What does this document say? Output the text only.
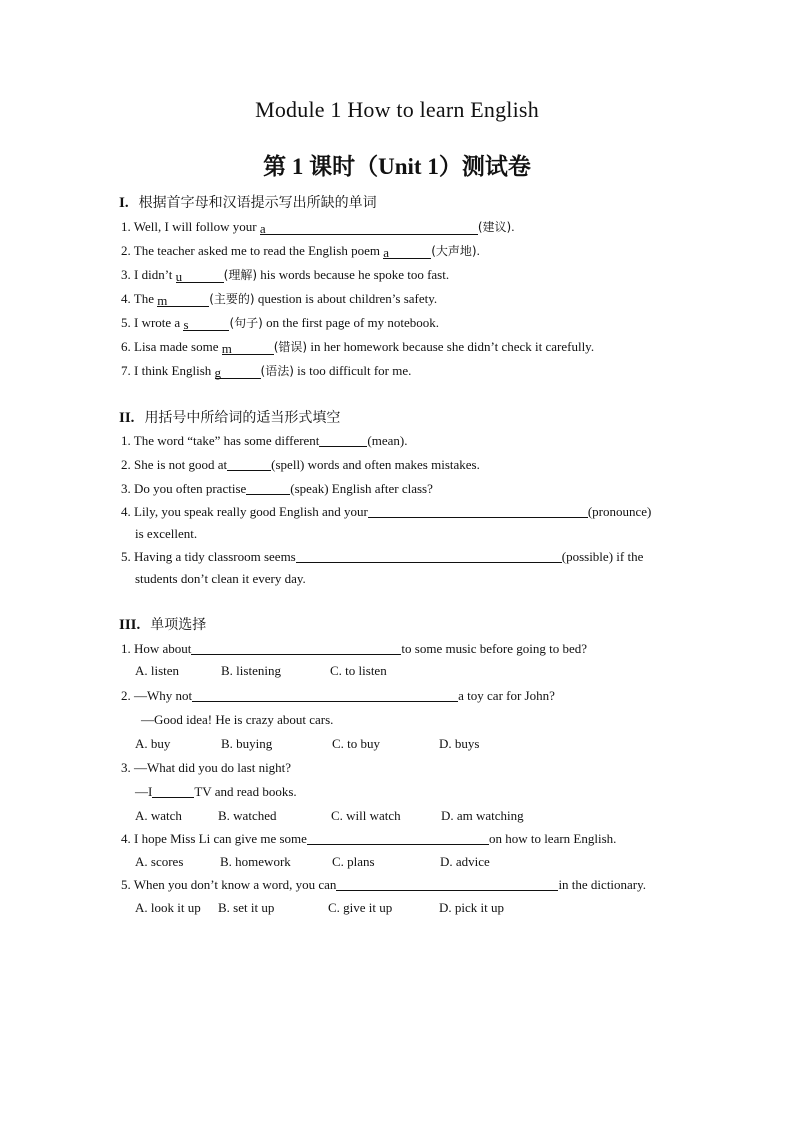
Module 1 How to learn English
第 1 课时（Unit 1）测试卷
I. 根据首字母和汉语提示写出所缺的单词
1. Well, I will follow your a	(建议).
2. The teacher asked me to read the English poem a	(大声地).
3. I didn’t u	(理解) his words because he spoke too fast.
4. The m	(主要的) question is about children’s safety.
5. I wrote a s	(句子) on the first page of my notebook.
6. Lisa made some m	(错误) in her homework because she didn’t check it carefully.
7. I think English g	(语法) is too difficult for me.
II. 用括号中所给词的适当形式填空
1. The word “take” has some different	(mean).
2. She is not good at	(spell) words and often makes mistakes.
3. Do you often practise	(speak) English after class?
4. Lily, you speak really good English and your	(pronounce)
is excellent.
5. Having a tidy classroom seems	(possible) if the
students don’t clean it every day.
III. 单项选择
1. How about	to some music before going to bed?
A. listen	B. listening	C. to listen
2. —Why not	a toy car for John?
—Good idea! He is crazy about cars.
A. buy	B. buying	C. to buy	D. buys
3. —What did you do last night?
—I	TV and read books.
A. watch	B. watched	C. will watch	D. am watching
4. I hope Miss Li can give me some	on how to learn English.
A. scores	B. homework	C. plans	D. advice
5. When you don’t know a word, you can	in the dictionary.
A. look it up B. set it up	C. give it up	D. pick it up
